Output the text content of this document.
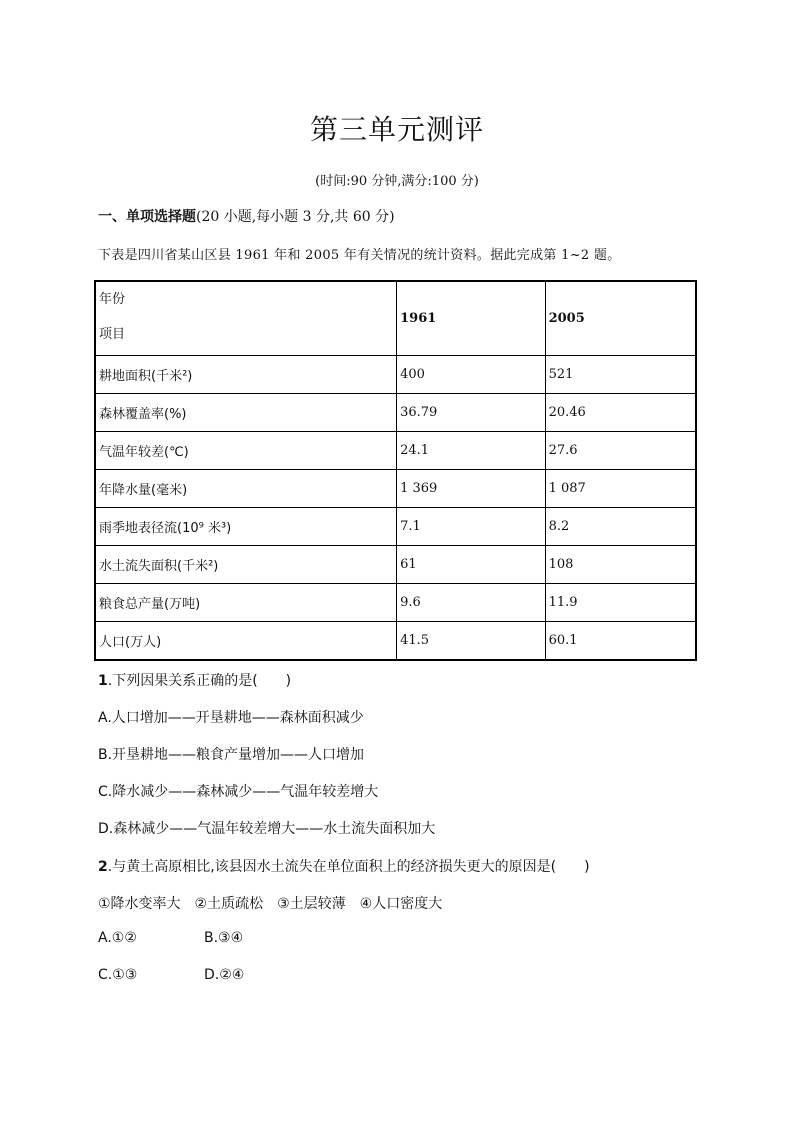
第三单元测评
(时间:90 分钟,满分:100 分)
一、单项选择题(20 小题,每小题 3 分,共 60 分)
下表是四川省某山区县 1961 年和 2005 年有关情况的统计资料。据此完成第 1~2 题。
年份
项目	1961	2005
耕地面积(千米²)	400	521
森林覆盖率(%)	36.79	20.46
气温年较差(℃)	24.1	27.6
年降水量(毫米)	1 369	1 087
雨季地表径流(10⁹ 米³)	7.1	8.2
水土流失面积(千米²)	61	108
粮食总产量(万吨)	9.6	11.9
人口(万人)	41.5	60.1
1.下列因果关系正确的是(　　)
A.人口增加——开垦耕地——森林面积减少
B.开垦耕地——粮食产量增加——人口增加
C.降水减少——森林减少——气温年较差增大
D.森林减少——气温年较差增大——水土流失面积加大
2.与黄土高原相比,该县因水土流失在单位面积上的经济损失更大的原因是(　　)
①降水变率大　②土质疏松　③土层较薄　④人口密度大
A.①②	B.③④
C.①③	D.②④
